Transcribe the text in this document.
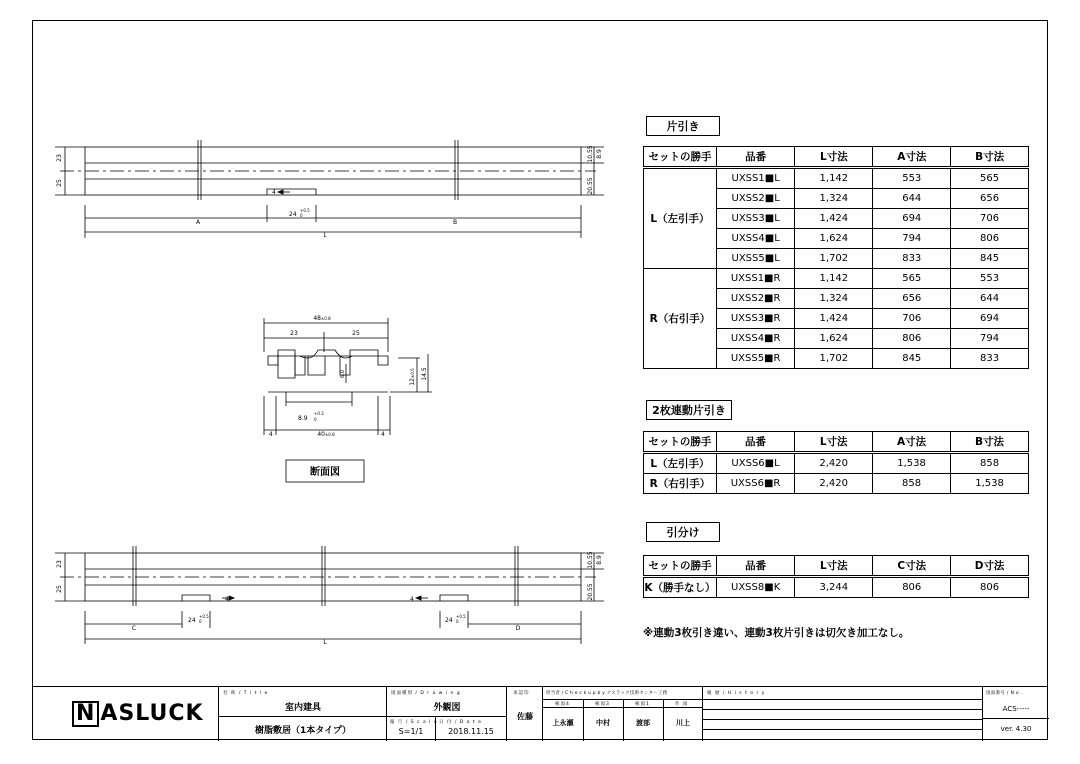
23
25
10.55 8.9
20.55
4
24
+0.5
0
A	B
L
48±0.8
23	25
12±0.5 14.5
6.0
8.9
+0.3
0
4	4
40±0.8
断面図
23
25
10.55 8.9
20.55
4	4
24
+0.5
0	24
+0.5
0
C	D
L
片引き
セットの勝手	品番	L寸法	A寸法	B寸法
L（左引手）	UXSS1■L	1,142	553	565
	UXSS2■L	1,324	644	656
	UXSS3■L	1,424	694	706
	UXSS4■L	1,624	794	806
	UXSS5■L	1,702	833	845
R（右引手）	UXSS1■R	1,142	565	553
	UXSS2■R	1,324	656	644
	UXSS3■R	1,424	706	694
	UXSS4■R	1,624	806	794
	UXSS5■R	1,702	845	833
2枚連動片引き
セットの勝手	品番	L寸法	A寸法	B寸法
L（左引手）	UXSS6■L	2,420	1,538	858
R（右引手）	UXSS6■R	2,420	858	1,538
引分け
セットの勝手	品番	L寸法	C寸法	D寸法
K（勝手なし）	UXSS8■K	3,244	806	806
※連動3枚引き違い、連動3枚片引きは切欠き加工なし。
N ASLUCK
名 称 / T i t l e
室内建具
樹脂敷居（1本タイプ）
図面種別 / D r a w i n g
外観図
縮 尺 / S c a l e
S=1/1
日 付 / D a t e
2018.11.15
承認印
佐藤
担当者 / C h e c k u p b y ナスラック技術センター工務
検図4	検図3	検図1	作 図
上永瀬	中村	渡部	川上
履 歴 / H i s t o r y	図面番号 / N o .
ACS-----
ver. 4.30
